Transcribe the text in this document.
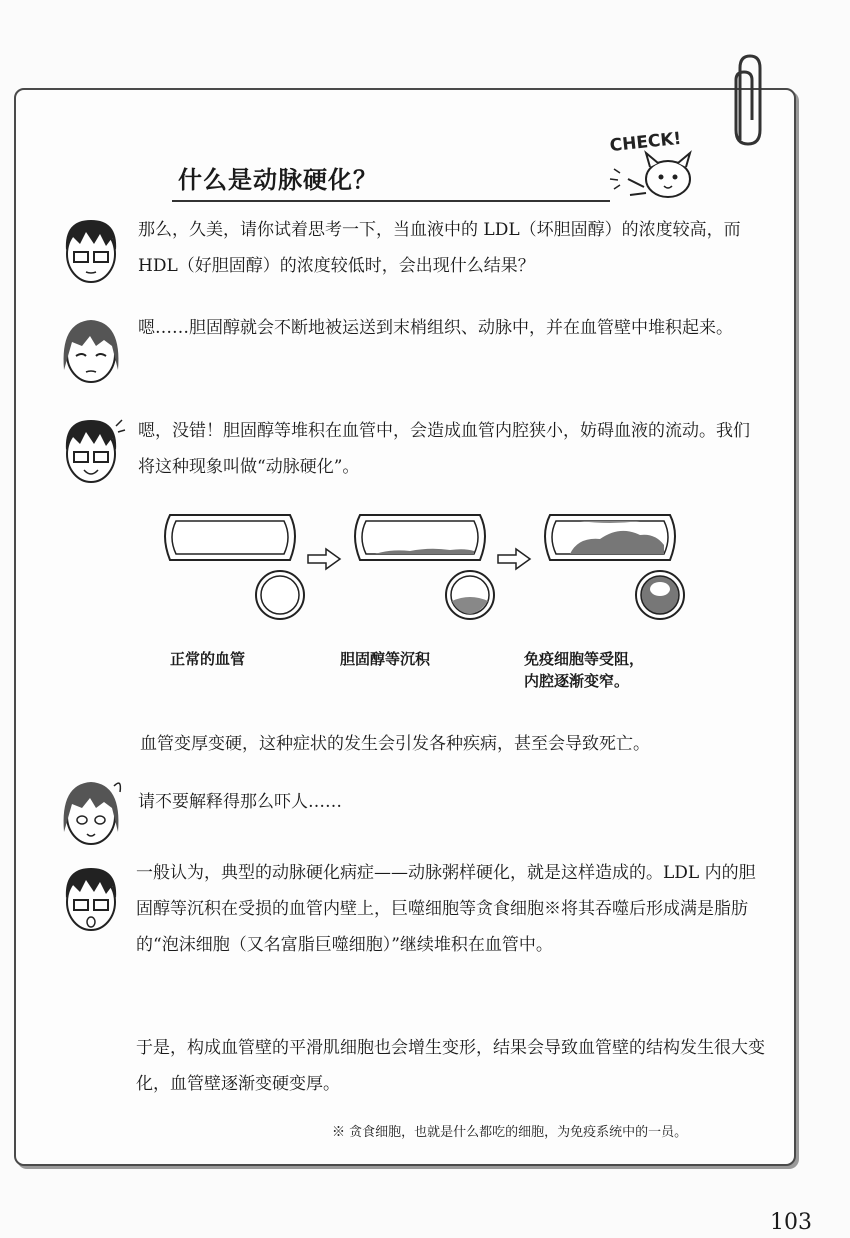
CHECK!
什么是动脉硬化？

那么，久美，请你试着思考一下，当血液中的 LDL（坏胆固醇）的浓度较高，而 HDL（好胆固醇）的浓度较低时，会出现什么结果？

嗯……胆固醇就会不断地被运送到末梢组织、动脉中，并在血管壁中堆积起来。

嗯，没错！胆固醇等堆积在血管中，会造成血管内腔狭小，妨碍血液的流动。我们将这种现象叫做“动脉硬化”。

正常的血管	胆固醇等沉积	免疫细胞等受阻，
内腔逐渐变窄。

血管变厚变硬，这种症状的发生会引发各种疾病，甚至会导致死亡。

请不要解释得那么吓人……

一般认为，典型的动脉硬化病症——动脉粥样硬化，就是这样造成的。LDL 内的胆固醇等沉积在受损的血管内壁上，巨噬细胞等贪食细胞※将其吞噬后形成满是脂肪的“泡沫细胞（又名富脂巨噬细胞）”继续堆积在血管中。

于是，构成血管壁的平滑肌细胞也会增生变形，结果会导致血管壁的结构发生很大变化，血管壁逐渐变硬变厚。

※ 贪食细胞，也就是什么都吃的细胞，为免疫系统中的一员。
103
